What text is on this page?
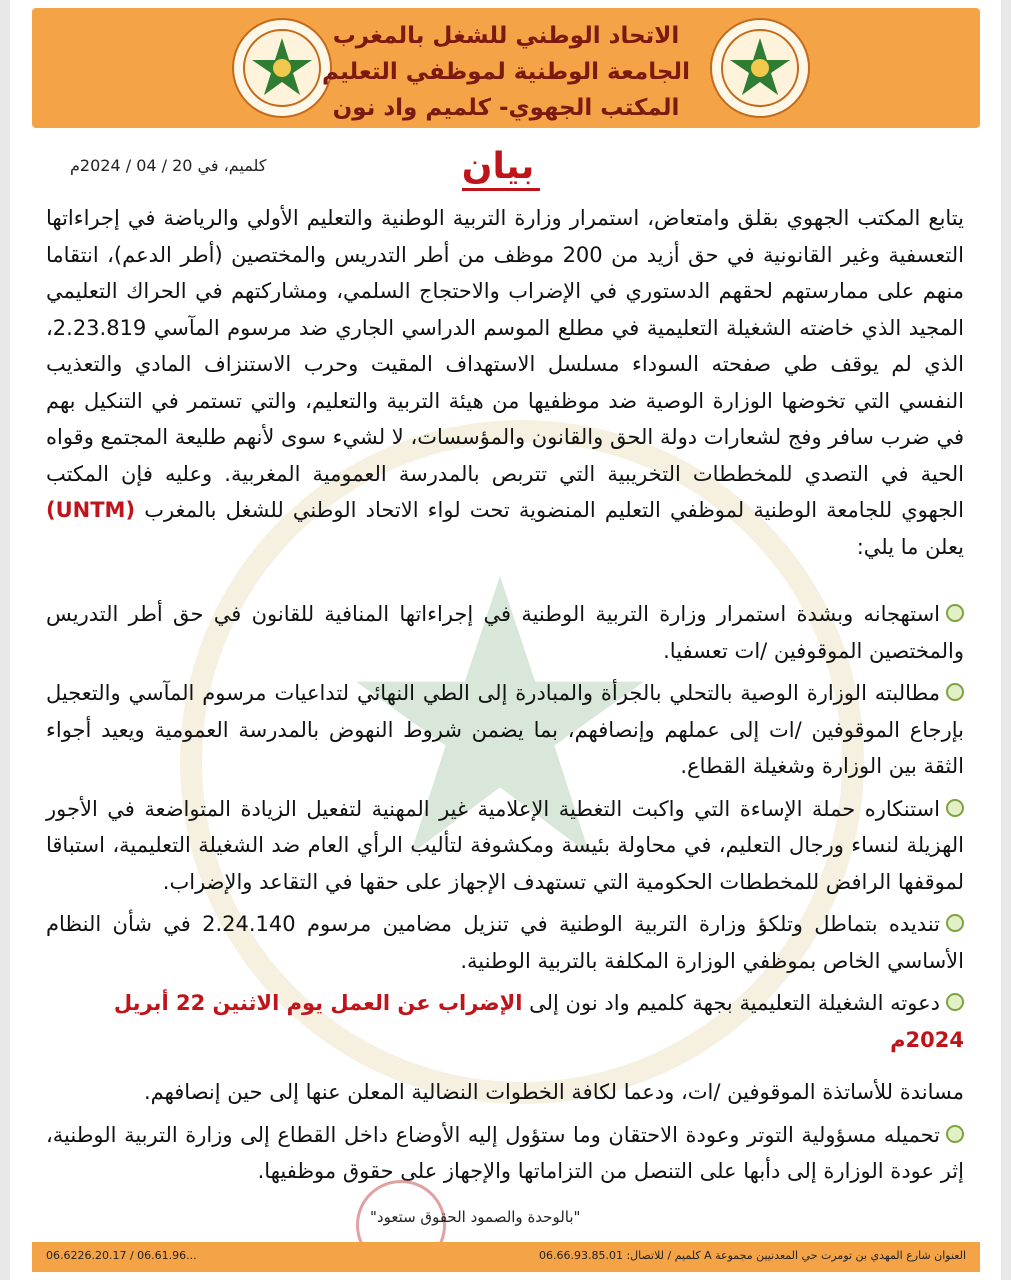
الاتحاد الوطني للشغل بالمغرب
الجامعة الوطنية لموظفي التعليم
المكتب الجهوي- كلميم واد نون
كلميم، في 20 / 04 / 2024م	بيان
يتابع المكتب الجهوي بقلق وامتعاض، استمرار وزارة التربية الوطنية والتعليم الأولي والرياضة في إجراءاتها التعسفية وغير القانونية في حق أزيد من 200 موظف من أطر التدريس والمختصين (أطر الدعم)، انتقاما منهم على ممارستهم لحقهم الدستوري في الإضراب والاحتجاج السلمي، ومشاركتهم في الحراك التعليمي المجيد الذي خاضته الشغيلة التعليمية في مطلع الموسم الدراسي الجاري ضد مرسوم المآسي 2.23.819، الذي لم يوقف طي صفحته السوداء مسلسل الاستهداف المقيت وحرب الاستنزاف المادي والتعذيب النفسي التي تخوضها الوزارة الوصية ضد موظفيها من هيئة التربية والتعليم، والتي تستمر في التنكيل بهم في ضرب سافر وفج لشعارات دولة الحق والقانون والمؤسسات، لا لشيء سوى لأنهم طليعة المجتمع وقواه الحية في التصدي للمخططات التخريبية التي تتربص بالمدرسة العمومية المغربية. وعليه فإن المكتب الجهوي للجامعة الوطنية لموظفي التعليم المنضوية تحت لواء الاتحاد الوطني للشغل بالمغرب (UNTM) يعلن ما يلي:
استهجانه وبشدة استمرار وزارة التربية الوطنية في إجراءاتها المنافية للقانون في حق أطر التدريس والمختصين الموقوفين /ات تعسفيا.
مطالبته الوزارة الوصية بالتحلي بالجرأة والمبادرة إلى الطي النهائي لتداعيات مرسوم المآسي والتعجيل بإرجاع الموقوفين /ات إلى عملهم وإنصافهم، بما يضمن شروط النهوض بالمدرسة العمومية ويعيد أجواء الثقة بين الوزارة وشغيلة القطاع.
استنكاره حملة الإساءة التي واكبت التغطية الإعلامية غير المهنية لتفعيل الزيادة المتواضعة في الأجور الهزيلة لنساء ورجال التعليم، في محاولة بئيسة ومكشوفة لتأليب الرأي العام ضد الشغيلة التعليمية، استباقا لموقفها الرافض للمخططات الحكومية التي تستهدف الإجهاز على حقها في التقاعد والإضراب.
تنديده بتماطل وتلكؤ وزارة التربية الوطنية في تنزيل مضامين مرسوم 2.24.140 في شأن النظام الأساسي الخاص بموظفي الوزارة المكلفة بالتربية الوطنية.
دعوته الشغيلة التعليمية بجهة كلميم واد نون إلى الإضراب عن العمل يوم الاثنين 22 أبريل 2024م
مساندة للأساتذة الموقوفين /ات، ودعما لكافة الخطوات النضالية المعلن عنها إلى حين إنصافهم.
تحميله مسؤولية التوتر وعودة الاحتقان وما ستؤول إليه الأوضاع داخل القطاع إلى وزارة التربية الوطنية، إثر عودة الوزارة إلى دأبها على التنصل من التزاماتها والإجهاز على حقوق موظفيها.
"بالوحدة والصمود الحقوق ستعود"
06.6226.20.17 / 06.61.96...	العنوان شارع المهدي بن تومرت حي المعدنيين مجموعة A كلميم / للاتصال: 06.66.93.85.01
